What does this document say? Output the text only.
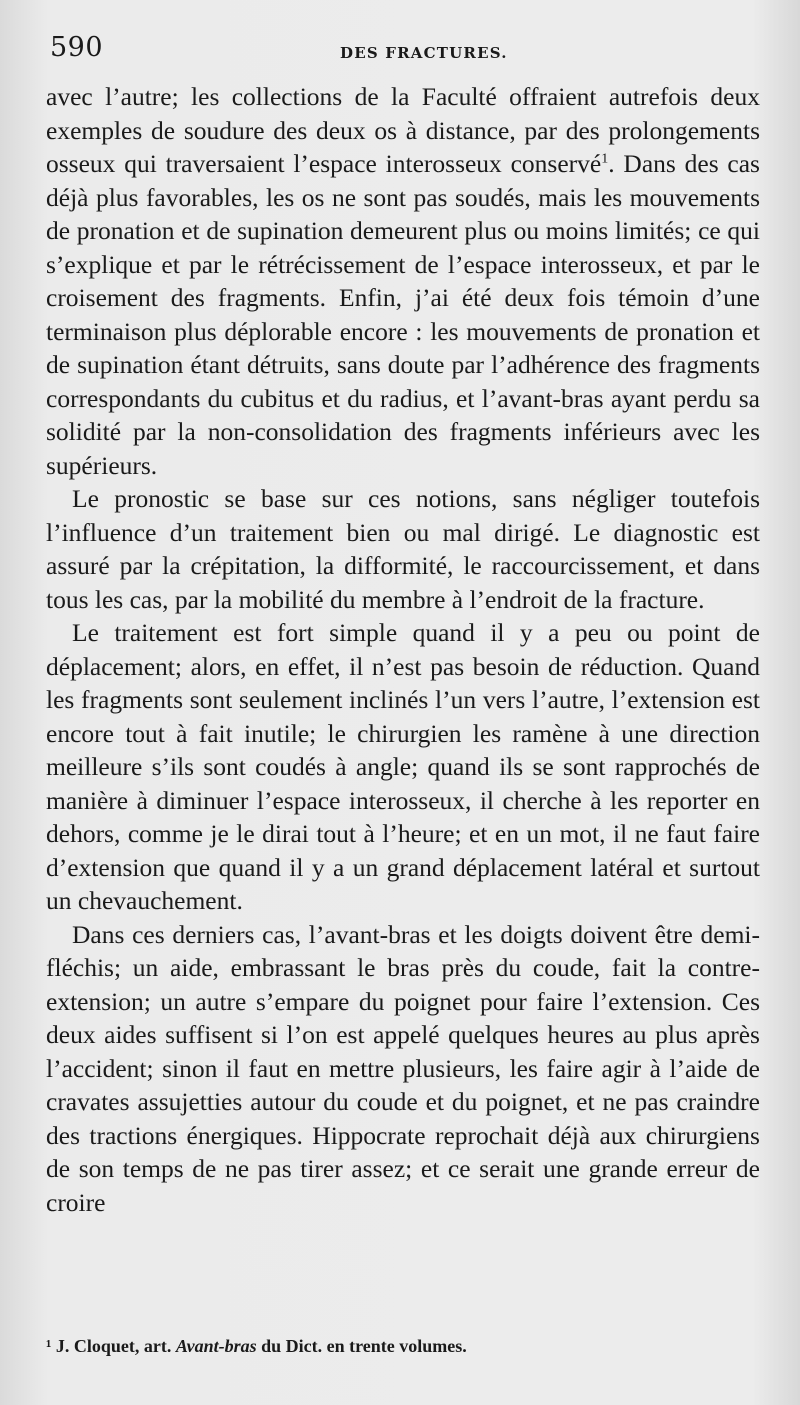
590	DES FRACTURES.

avec l’autre; les collections de la Faculté offraient autrefois deux exemples de soudure des deux os à distance, par des prolongements osseux qui traversaient l’espace interosseux conservé$^1$. Dans des cas déjà plus favorables, les os ne sont pas soudés, mais les mouvements de pronation et de supination demeurent plus ou moins limités; ce qui s’explique et par le rétrécissement de l’espace interosseux, et par le croisement des fragments. Enfin, j’ai été deux fois témoin d’une terminaison plus déplorable encore : les mouvements de pronation et de supination étant détruits, sans doute par l’adhérence des fragments correspondants du cubitus et du radius, et l’avant-bras ayant perdu sa solidité par la non-consolidation des fragments inférieurs avec les supérieurs.

Le pronostic se base sur ces notions, sans négliger toutefois l’influence d’un traitement bien ou mal dirigé. Le diagnostic est assuré par la crépitation, la difformité, le raccourcissement, et dans tous les cas, par la mobilité du membre à l’endroit de la fracture.

Le traitement est fort simple quand il y a peu ou point de déplacement; alors, en effet, il n’est pas besoin de réduction. Quand les fragments sont seulement inclinés l’un vers l’autre, l’extension est encore tout à fait inutile; le chirurgien les ramène à une direction meilleure s’ils sont coudés à angle; quand ils se sont rapprochés de manière à diminuer l’espace interosseux, il cherche à les reporter en dehors, comme je le dirai tout à l’heure; et en un mot, il ne faut faire d’extension que quand il y a un grand déplacement latéral et surtout un chevauchement.

Dans ces derniers cas, l’avant-bras et les doigts doivent être demi-fléchis; un aide, embrassant le bras près du coude, fait la contre-extension; un autre s’empare du poignet pour faire l’extension. Ces deux aides suffisent si l’on est appelé quelques heures au plus après l’accident; sinon il faut en mettre plusieurs, les faire agir à l’aide de cravates assujetties autour du coude et du poignet, et ne pas craindre des tractions énergiques. Hippocrate reprochait déjà aux chirurgiens de son temps de ne pas tirer assez; et ce serait une grande erreur de croire

¹ J. Cloquet, art. Avant-bras du Dict. en trente volumes.
